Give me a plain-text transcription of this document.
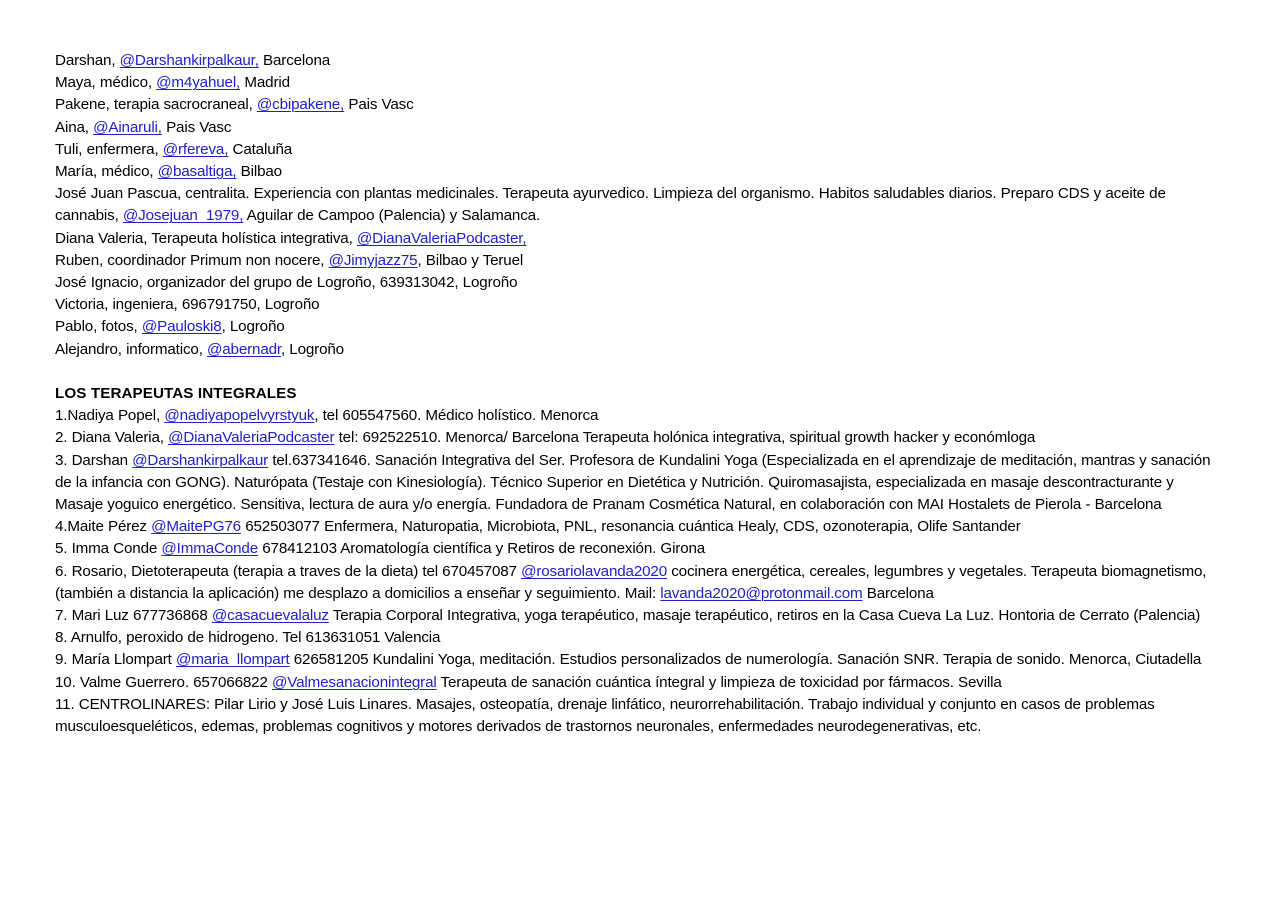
Darshan, @Darshankirpalkaur, Barcelona

Maya, médico, @m4yahuel, Madrid

Pakene, terapia sacrocraneal, @cbipakene, Pais Vasc

Aina, @Ainaruli, Pais Vasc

Tuli, enfermera, @rfereva, Cataluña

María, médico, @basaltiga, Bilbao

José Juan Pascua, centralita. Experiencia con plantas medicinales. Terapeuta ayurvedico. Limpieza del organismo. Habitos saludables diarios. Preparo CDS y aceite de cannabis, @Josejuan_1979, Aguilar de Campoo (Palencia) y Salamanca.

Diana Valeria, Terapeuta holística integrativa, @DianaValeriaPodcaster,

Ruben, coordinador Primum non nocere, @Jimyjazz75, Bilbao y Teruel

José Ignacio, organizador del grupo de Logroño, 639313042, Logroño

Victoria, ingeniera, 696791750, Logroño

Pablo, fotos, @Pauloski8, Logroño

Alejandro, informatico, @abernadr, Logroño

LOS TERAPEUTAS INTEGRALES

1.Nadiya Popel, @nadiyapopelvyrstyuk, tel 605547560. Médico holístico. Menorca

2. Diana Valeria, @DianaValeriaPodcaster tel: 692522510. Menorca/ Barcelona Terapeuta holónica integrativa, spiritual growth hacker y económloga

3. Darshan @Darshankirpalkaur tel.637341646. Sanación Integrativa del Ser. Profesora de Kundalini Yoga (Especializada en el aprendizaje de meditación, mantras y sanación de la infancia con GONG). Naturópata (Testaje con Kinesiología). Técnico Superior en Dietética y Nutrición. Quiromasajista, especializada en masaje descontracturante y Masaje yoguico energético. Sensitiva, lectura de aura y/o energía. Fundadora de Pranam Cosmética Natural, en colaboración con MAI Hostalets de Pierola - Barcelona

4.Maite Pérez @MaitePG76 652503077 Enfermera, Naturopatia, Microbiota, PNL, resonancia cuántica Healy, CDS, ozonoterapia, Olife Santander

5. Imma Conde @ImmaConde 678412103 Aromatología científica y Retiros de reconexión. Girona

6. Rosario, Dietoterapeuta (terapia a traves de la dieta) tel 670457087 @rosariolavanda2020 cocinera energética, cereales, legumbres y vegetales. Terapeuta biomagnetismo, (también a distancia la aplicación) me desplazo a domicilios a enseñar y seguimiento. Mail: lavanda2020@protonmail.com Barcelona

7. Mari Luz 677736868 @casacuevalaluz Terapia Corporal Integrativa, yoga terapéutico, masaje terapéutico, retiros en la Casa Cueva La Luz. Hontoria de Cerrato (Palencia)

8. Arnulfo, peroxido de hidrogeno. Tel 613631051 Valencia

9. María Llompart @maria_llompart 626581205 Kundalini Yoga, meditación. Estudios personalizados de numerología. Sanación SNR. Terapia de sonido. Menorca, Ciutadella

10. Valme Guerrero. 657066822 @Valmesanacionintegral Terapeuta de sanación cuántica íntegral y limpieza de toxicidad por fármacos. Sevilla

11. CENTROLINARES: Pilar Lirio y José Luis Linares. Masajes, osteopatía, drenaje linfático, neurorrehabilitación. Trabajo individual y conjunto en casos de problemas musculoesqueléticos, edemas, problemas cognitivos y motores derivados de trastornos neuronales, enfermedades neurodegenerativas, etc.
